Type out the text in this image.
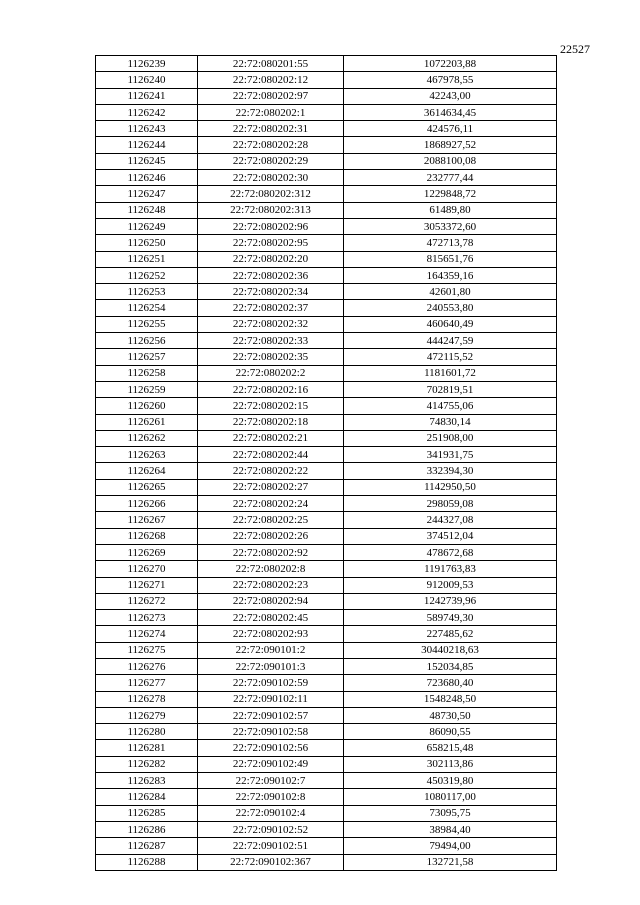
22527
1126239	22:72:080201:55	1072203,88
1126240	22:72:080202:12	467978,55
1126241	22:72:080202:97	42243,00
1126242	22:72:080202:1	3614634,45
1126243	22:72:080202:31	424576,11
1126244	22:72:080202:28	1868927,52
1126245	22:72:080202:29	2088100,08
1126246	22:72:080202:30	232777,44
1126247	22:72:080202:312	1229848,72
1126248	22:72:080202:313	61489,80
1126249	22:72:080202:96	3053372,60
1126250	22:72:080202:95	472713,78
1126251	22:72:080202:20	815651,76
1126252	22:72:080202:36	164359,16
1126253	22:72:080202:34	42601,80
1126254	22:72:080202:37	240553,80
1126255	22:72:080202:32	460640,49
1126256	22:72:080202:33	444247,59
1126257	22:72:080202:35	472115,52
1126258	22:72:080202:2	1181601,72
1126259	22:72:080202:16	702819,51
1126260	22:72:080202:15	414755,06
1126261	22:72:080202:18	74830,14
1126262	22:72:080202:21	251908,00
1126263	22:72:080202:44	341931,75
1126264	22:72:080202:22	332394,30
1126265	22:72:080202:27	1142950,50
1126266	22:72:080202:24	298059,08
1126267	22:72:080202:25	244327,08
1126268	22:72:080202:26	374512,04
1126269	22:72:080202:92	478672,68
1126270	22:72:080202:8	1191763,83
1126271	22:72:080202:23	912009,53
1126272	22:72:080202:94	1242739,96
1126273	22:72:080202:45	589749,30
1126274	22:72:080202:93	227485,62
1126275	22:72:090101:2	30440218,63
1126276	22:72:090101:3	152034,85
1126277	22:72:090102:59	723680,40
1126278	22:72:090102:11	1548248,50
1126279	22:72:090102:57	48730,50
1126280	22:72:090102:58	86090,55
1126281	22:72:090102:56	658215,48
1126282	22:72:090102:49	302113,86
1126283	22:72:090102:7	450319,80
1126284	22:72:090102:8	1080117,00
1126285	22:72:090102:4	73095,75
1126286	22:72:090102:52	38984,40
1126287	22:72:090102:51	79494,00
1126288	22:72:090102:367	132721,58
